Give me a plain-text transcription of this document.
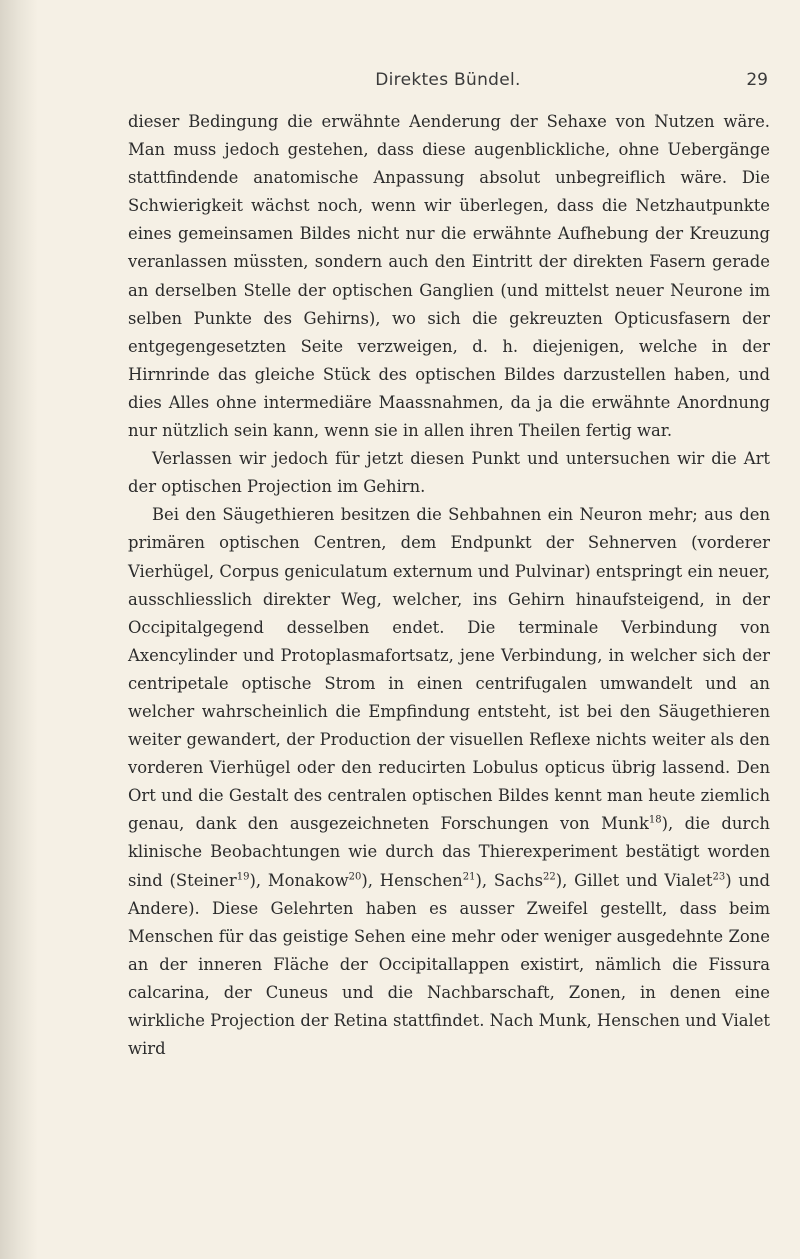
Direktes Bündel.	29

dieser Bedingung die erwähnte Aenderung der Sehaxe von Nutzen wäre. Man muss jedoch gestehen, dass diese augenblickliche, ohne Uebergänge stattfindende anatomische Anpassung absolut unbegreiflich wäre. Die Schwierigkeit wächst noch, wenn wir überlegen, dass die Netzhautpunkte eines gemeinsamen Bildes nicht nur die erwähnte Aufhebung der Kreuzung veranlassen müssten, sondern auch den Eintritt der direkten Fasern gerade an derselben Stelle der optischen Ganglien (und mittelst neuer Neurone im selben Punkte des Gehirns), wo sich die gekreuzten Opticusfasern der entgegengesetzten Seite verzweigen, d. h. diejenigen, welche in der Hirnrinde das gleiche Stück des optischen Bildes darzustellen haben, und dies Alles ohne intermediäre Maassnahmen, da ja die erwähnte Anordnung nur nützlich sein kann, wenn sie in allen ihren Theilen fertig war.

Verlassen wir jedoch für jetzt diesen Punkt und untersuchen wir die Art der optischen Projection im Gehirn.

Bei den Säugethieren besitzen die Sehbahnen ein Neuron mehr; aus den primären optischen Centren, dem Endpunkt der Sehnerven (vorderer Vierhügel, Corpus geniculatum externum und Pulvinar) entspringt ein neuer, ausschliesslich direkter Weg, welcher, ins Gehirn hinaufsteigend, in der Occipitalgegend desselben endet. Die terminale Verbindung von Axencylinder und Protoplasmafortsatz, jene Verbindung, in welcher sich der centripetale optische Strom in einen centrifugalen umwandelt und an welcher wahrscheinlich die Empfindung entsteht, ist bei den Säugethieren weiter gewandert, der Production der visuellen Reflexe nichts weiter als den vorderen Vierhügel oder den reducirten Lobulus opticus übrig lassend. Den Ort und die Gestalt des centralen optischen Bildes kennt man heute ziemlich genau, dank den ausgezeichneten Forschungen von Munk$^{18}$), die durch klinische Beobachtungen wie durch das Thierexperiment bestätigt worden sind (Steiner$^{19}$), Monakow$^{20}$), Henschen$^{21}$), Sachs$^{22}$), Gillet und Vialet$^{23}$) und Andere). Diese Gelehrten haben es ausser Zweifel gestellt, dass beim Menschen für das geistige Sehen eine mehr oder weniger ausgedehnte Zone an der inneren Fläche der Occipitallappen existirt, nämlich die Fissura calcarina, der Cuneus und die Nachbarschaft, Zonen, in denen eine wirkliche Projection der Retina stattfindet. Nach Munk, Henschen und Vialet wird
